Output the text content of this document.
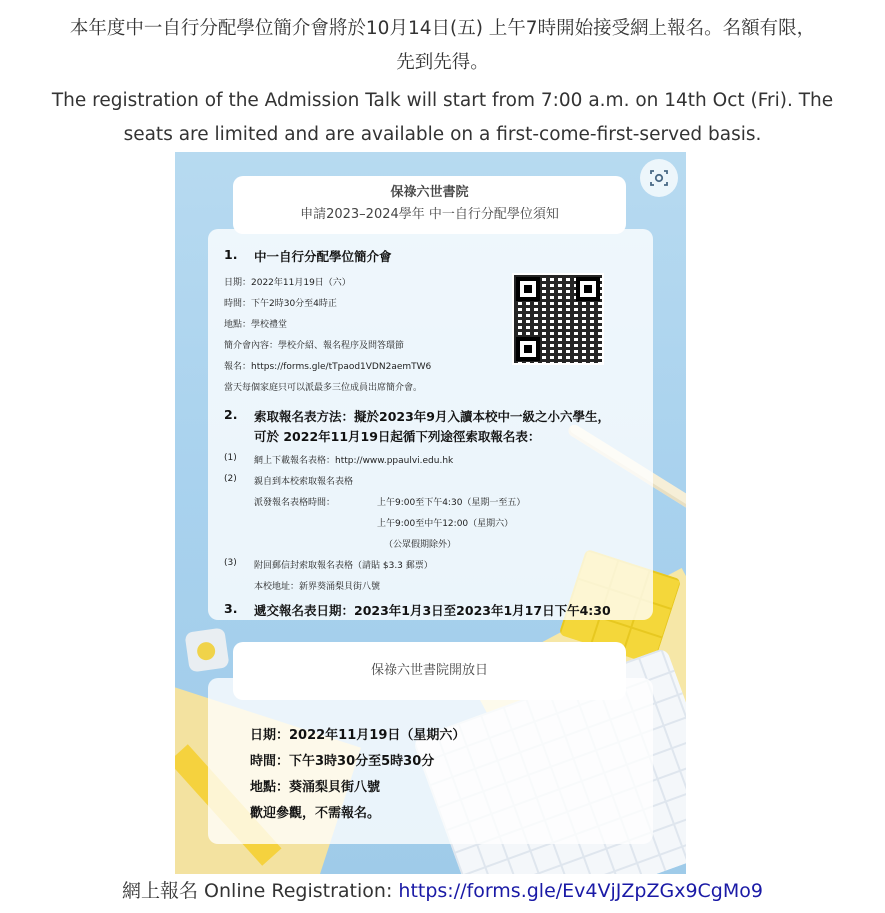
本年度中一自行分配學位簡介會將於10月14日(五) 上午7時開始接受網上報名。名額有限，

先到先得。

The registration of the Admission Talk will start from 7:00 a.m. on 14th Oct (Fri). The

seats are limited and are available on a first-come-first-served basis.

保祿六世書院
申請2023–2024學年 中一自行分配學位須知
1. 中一自行分配學位簡介會
日期：2022年11月19日（六）
時間：下午2時30分至4時正
地點：學校禮堂
簡介會內容：學校介紹、報名程序及問答環節
報名：https://forms.gle/tTpaod1VDN2aemTW6
當天每個家庭只可以派最多三位成員出席簡介會。
2. 索取報名表方法：擬於2023年9月入讀本校中一級之小六學生，
可於 2022年11月19日起循下列途徑索取報名表：
(1) 網上下載報名表格：http://www.ppaulvi.edu.hk
(2) 親自到本校索取報名表格
派發報名表格時間：	上午9:00至下午4:30（星期一至五）
上午9:00至中午12:00（星期六）
（公眾假期除外）
(3) 附回郵信封索取報名表格（請貼 $3.3 郵票）
本校地址：新界葵涌梨貝街八號
3. 遞交報名表日期：2023年1月3日至2023年1月17日下午4:30
日期：2022年11月19日（星期六）
時間：下午3時30分至5時30分
地點：葵涌梨貝街八號
歡迎參觀，不需報名。
保祿六世書院開放日
網上報名 Online Registration: https://forms.gle/Ev4VjJZpZGx9CgMo9
